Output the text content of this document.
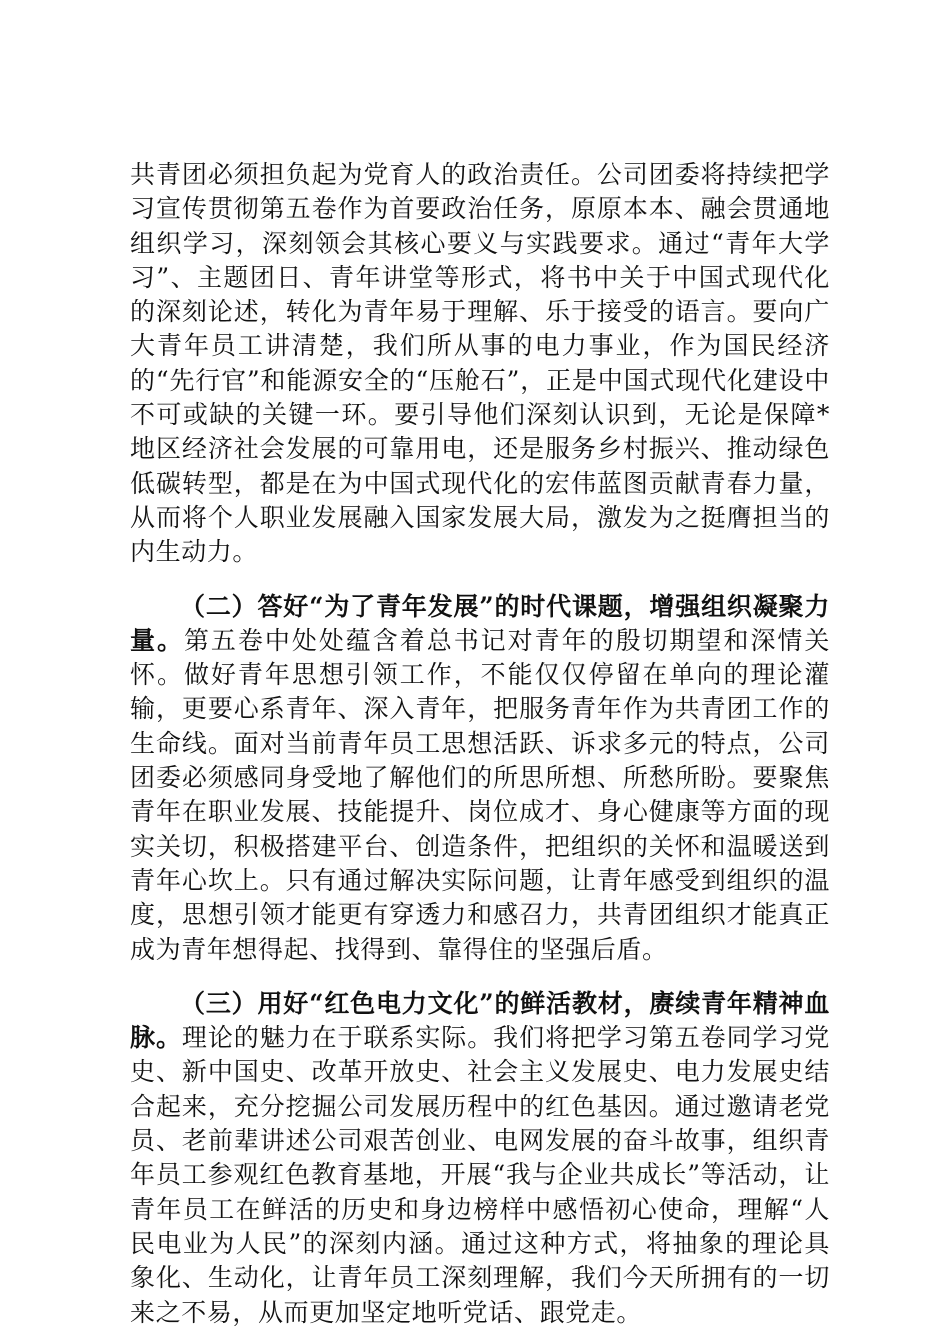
共青团必须担负起为党育人的政治责任。公司团委将持续把学习宣传贯彻第五卷作为首要政治任务，原原本本、融会贯通地组织学习，深刻领会其核心要义与实践要求。通过“青年大学习”、主题团日、青年讲堂等形式，将书中关于中国式现代化的深刻论述，转化为青年易于理解、乐于接受的语言。要向广大青年员工讲清楚，我们所从事的电力事业，作为国民经济的“先行官”和能源安全的“压舱石”，正是中国式现代化建设中不可或缺的关键一环。要引导他们深刻认识到，无论是保障*地区经济社会发展的可靠用电，还是服务乡村振兴、推动绿色低碳转型，都是在为中国式现代化的宏伟蓝图贡献青春力量，从而将个人职业发展融入国家发展大局，激发为之挺膺担当的内生动力。

（二）答好“为了青年发展”的时代课题，增强组织凝聚力量。第五卷中处处蕴含着总书记对青年的殷切期望和深情关怀。做好青年思想引领工作，不能仅仅停留在单向的理论灌输，更要心系青年、深入青年，把服务青年作为共青团工作的生命线。面对当前青年员工思想活跃、诉求多元的特点，公司团委必须感同身受地了解他们的所思所想、所愁所盼。要聚焦青年在职业发展、技能提升、岗位成才、身心健康等方面的现实关切，积极搭建平台、创造条件，把组织的关怀和温暖送到青年心坎上。只有通过解决实际问题，让青年感受到组织的温度，思想引领才能更有穿透力和感召力，共青团组织才能真正成为青年想得起、找得到、靠得住的坚强后盾。

（三）用好“红色电力文化”的鲜活教材，赓续青年精神血脉。理论的魅力在于联系实际。我们将把学习第五卷同学习党史、新中国史、改革开放史、社会主义发展史、电力发展史结合起来，充分挖掘公司发展历程中的红色基因。通过邀请老党员、老前辈讲述公司艰苦创业、电网发展的奋斗故事，组织青年员工参观红色教育基地，开展“我与企业共成长”等活动，让青年员工在鲜活的历史和身边榜样中感悟初心使命，理解“人民电业为人民”的深刻内涵。通过这种方式，将抽象的理论具象化、生动化，让青年员工深刻理解，我们今天所拥有的一切来之不易，从而更加坚定地听党话、跟党走。
